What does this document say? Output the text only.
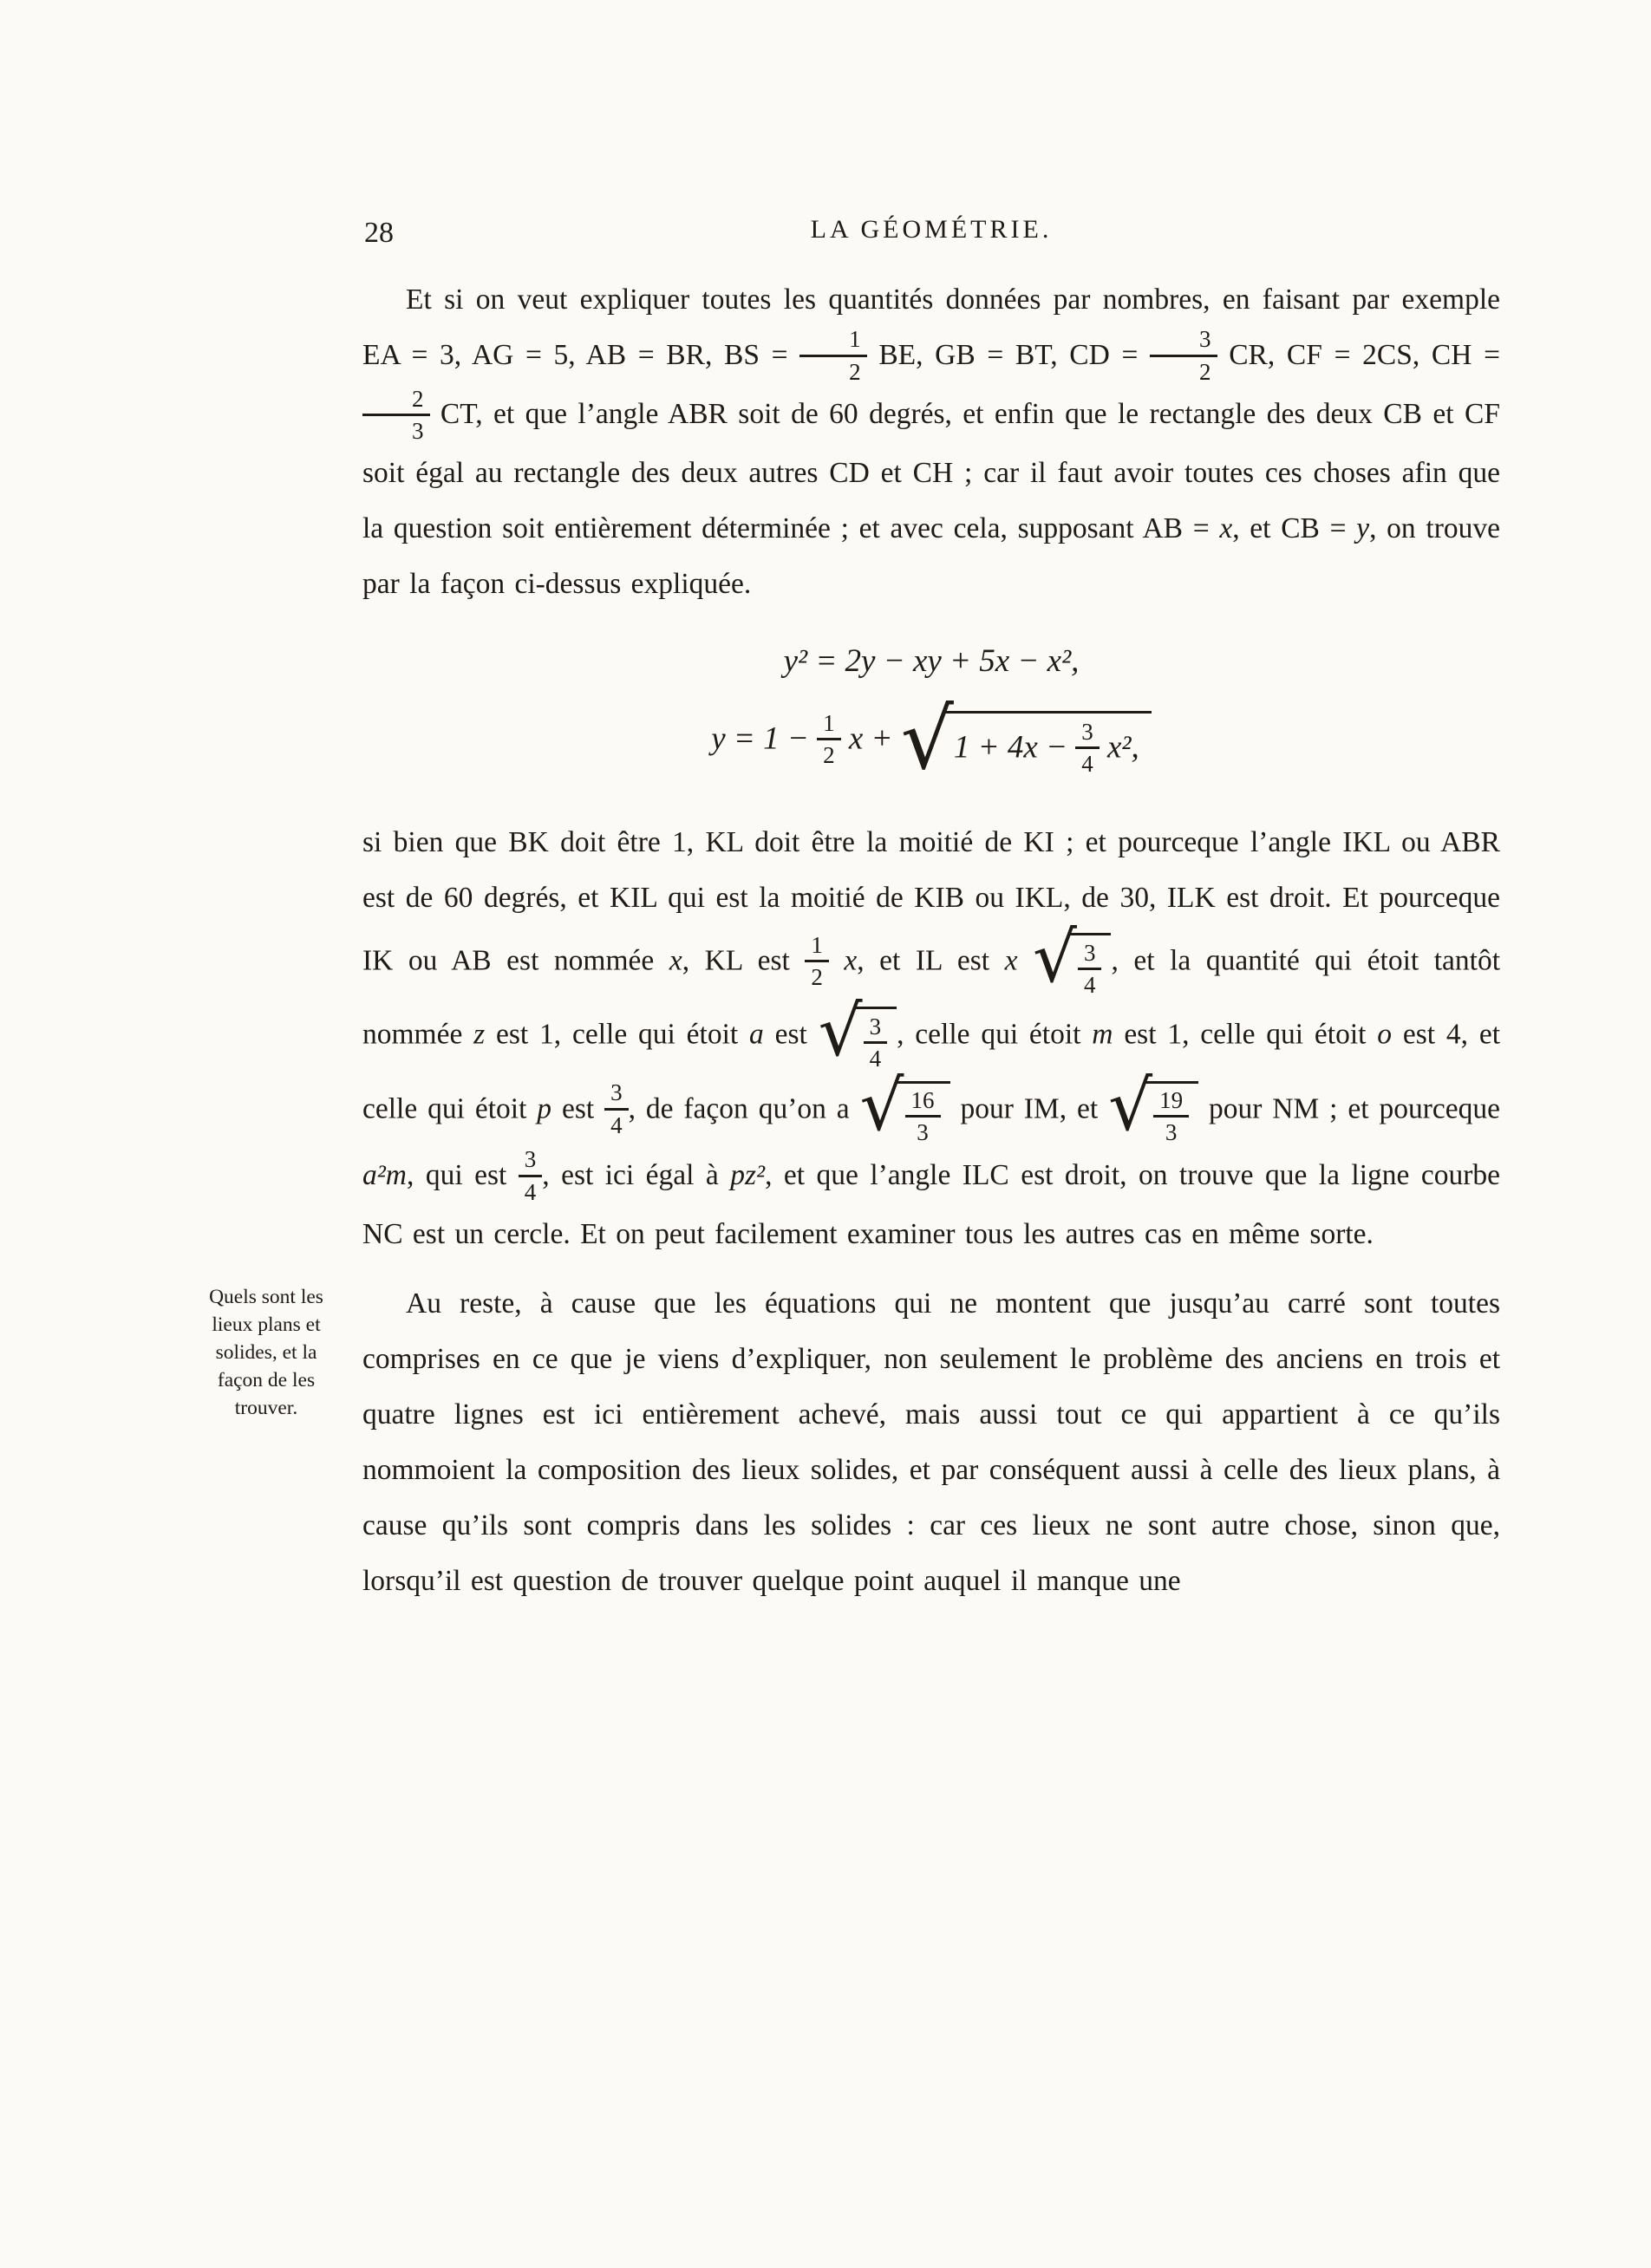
28	LA GÉOMÉTRIE.

Et si on veut expliquer toutes les quantités données par nombres, en faisant par exemple EA = 3, AG = 5, AB = BR, BS = $\frac{1}{2}$ BE, GB = BT, CD = $\frac{3}{2}$ CR, CF = 2CS, CH =
$\frac{2}{3}$ CT, et que l’angle ABR soit de 60 degrés, et enfin que le rectangle des deux CB et CF soit égal au rectangle des deux autres CD et CH ; car il faut avoir toutes ces choses afin que la question soit entièrement déterminée ; et avec cela, supposant AB = x, et CB = y, on trouve par la façon ci-dessus expliquée.

y² = 2y − xy + 5x − x²,
$y = 1 - \frac{1}{2}$ x + √ $1 + 4x - \frac{3}{4} x^2$,

si bien que BK doit être 1, KL doit être la moitié de KI ; et pourceque l’angle IKL ou ABR est de 60 degrés, et KIL qui est la moitié de KIB ou IKL, de 30, ILK est droit. Et pourceque IK ou AB est nommée x, KL est $\frac{1}{2} x$, et IL est x √ $\frac{3}{4}$ , et la quantité qui étoit tantôt nommée z est 1, celle qui étoit a est √ $\frac{3}{4}$ , celle qui étoit m est 1, celle qui étoit o est 4, et celle qui étoit p est $\frac{3}{4}$ , de façon qu’on a √ $\frac{16}{3}$ pour IM, et √ $\frac{19}{3}$ pour NM ; et pourceque a²m, qui est $\frac{3}{4}$ , est ici égal à pz², et que l’angle ILC est droit, on trouve que la ligne courbe NC est un cercle. Et on peut facilement examiner tous les autres cas en même sorte.

Quels sont les
lieux plans et
solides, et la
façon de les
trouver.

Au reste, à cause que les équations qui ne montent que jusqu’au carré sont toutes comprises en ce que je viens d’expliquer, non seulement le problème des anciens en trois et quatre lignes est ici entièrement achevé, mais aussi tout ce qui appartient à ce qu’ils nommoient la composition des lieux solides, et par conséquent aussi à celle des lieux plans, à cause qu’ils sont compris dans les solides : car ces lieux ne sont autre chose, sinon que, lorsqu’il est question de trouver quelque point auquel il manque une
